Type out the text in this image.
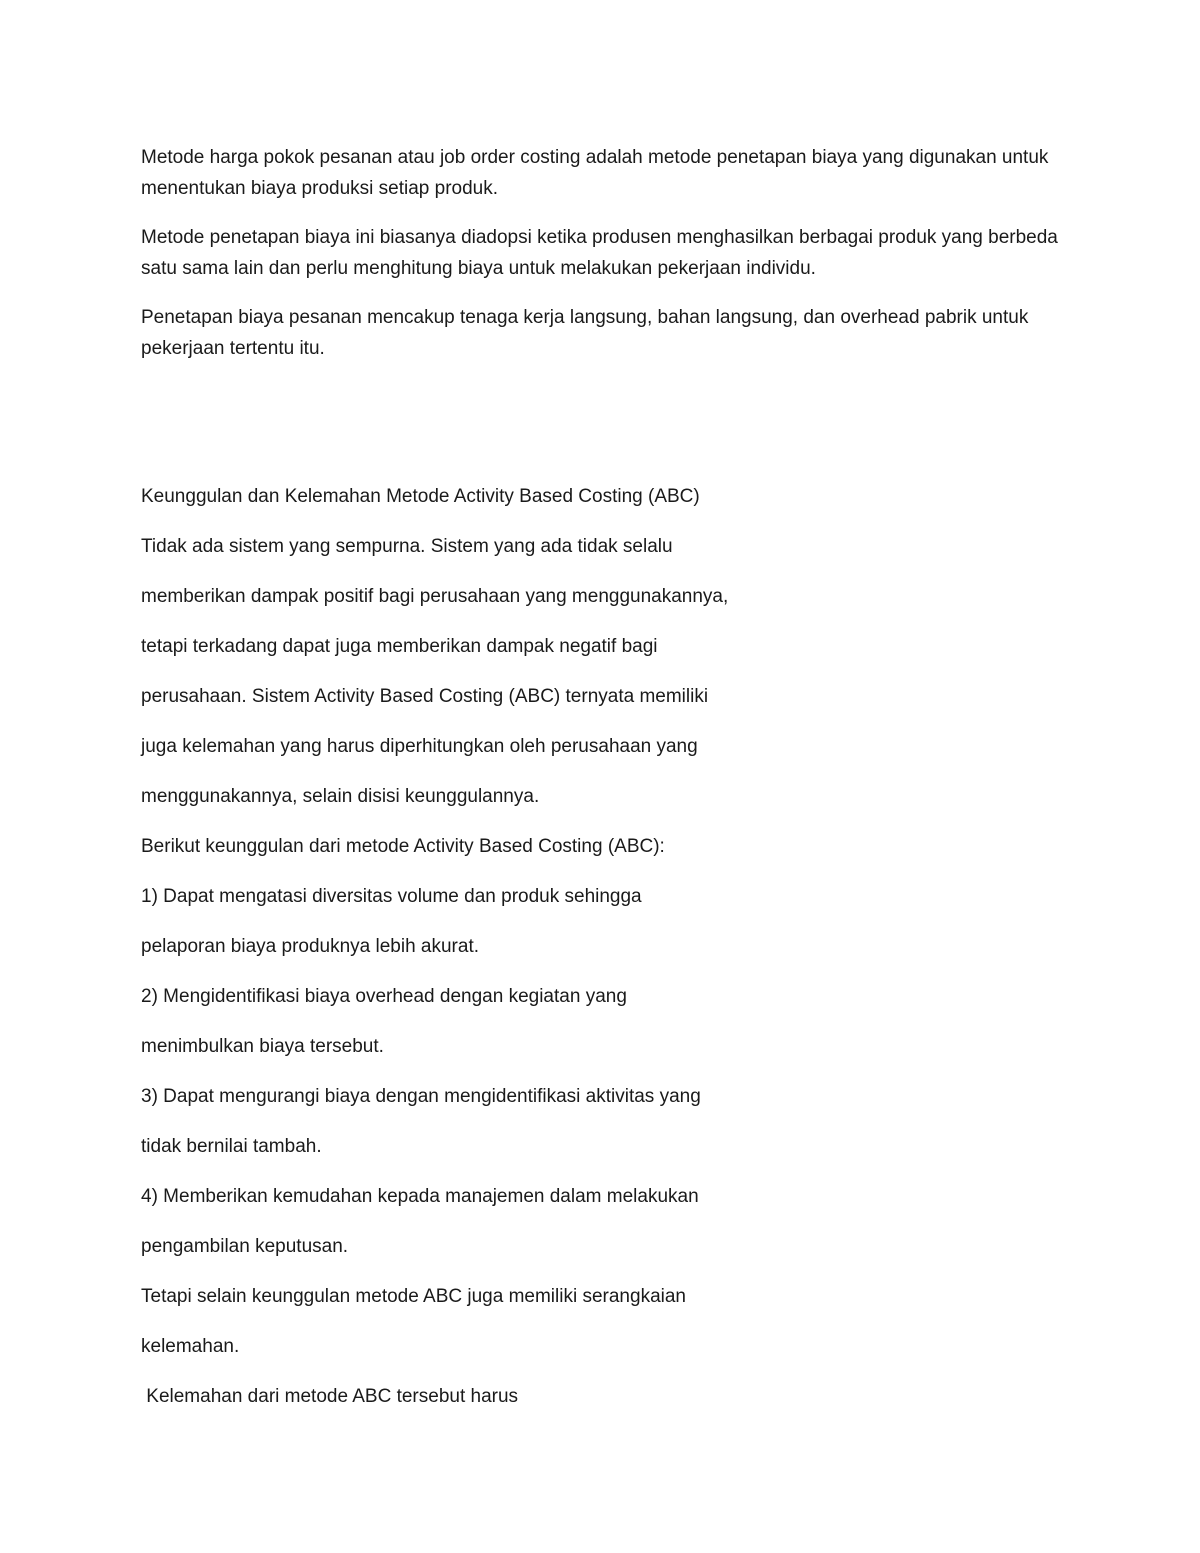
Metode harga pokok pesanan atau job order costing adalah metode penetapan biaya yang digunakan untuk menentukan biaya produksi setiap produk.

Metode penetapan biaya ini biasanya diadopsi ketika produsen menghasilkan berbagai produk yang berbeda satu sama lain dan perlu menghitung biaya untuk melakukan pekerjaan individu.

Penetapan biaya pesanan mencakup tenaga kerja langsung, bahan langsung, dan overhead pabrik untuk pekerjaan tertentu itu.

Keunggulan dan Kelemahan Metode Activity Based Costing (ABC)

Tidak ada sistem yang sempurna. Sistem yang ada tidak selalu

memberikan dampak positif bagi perusahaan yang menggunakannya,

tetapi terkadang dapat juga memberikan dampak negatif bagi

perusahaan. Sistem Activity Based Costing (ABC) ternyata memiliki

juga kelemahan yang harus diperhitungkan oleh perusahaan yang

menggunakannya, selain disisi keunggulannya.

Berikut keunggulan dari metode Activity Based Costing (ABC):

1) Dapat mengatasi diversitas volume dan produk sehingga

pelaporan biaya produknya lebih akurat.

2) Mengidentifikasi biaya overhead dengan kegiatan yang

menimbulkan biaya tersebut.

3) Dapat mengurangi biaya dengan mengidentifikasi aktivitas yang

tidak bernilai tambah.

4) Memberikan kemudahan kepada manajemen dalam melakukan

pengambilan keputusan.

Tetapi selain keunggulan metode ABC juga memiliki serangkaian

kelemahan.

Kelemahan dari metode ABC tersebut harus
